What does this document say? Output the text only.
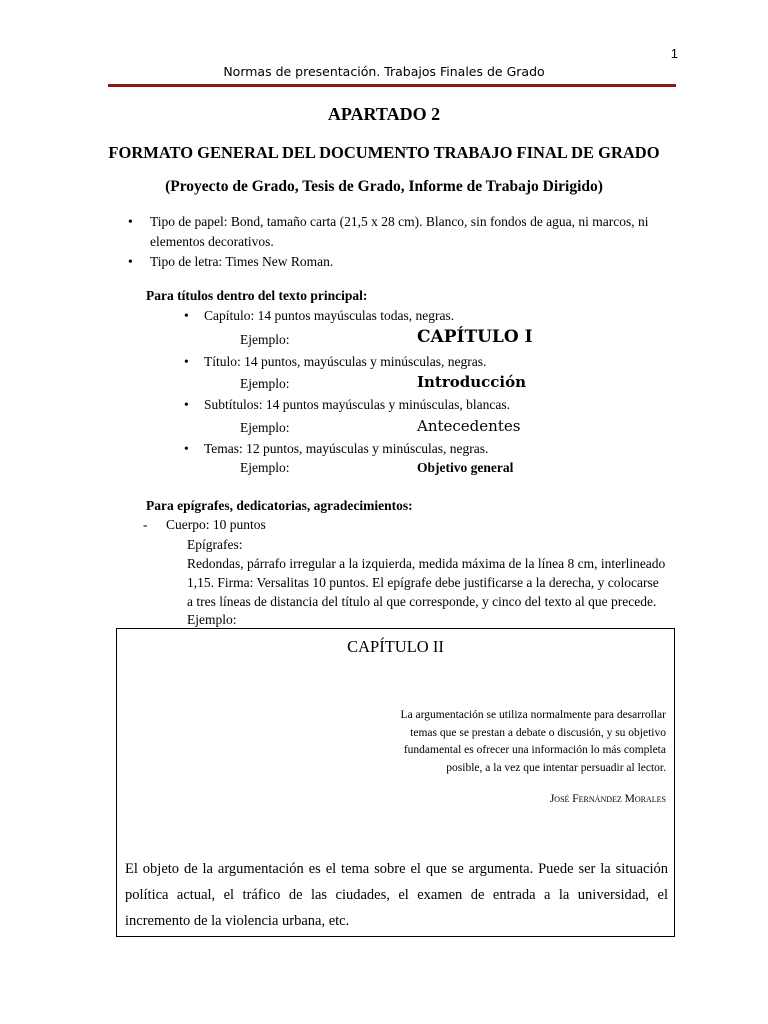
1
Normas de presentación. Trabajos Finales de Grado
APARTADO 2
FORMATO GENERAL DEL DOCUMENTO TRABAJO FINAL DE GRADO
(Proyecto de Grado, Tesis de Grado, Informe de Trabajo Dirigido)
• Tipo de papel: Bond, tamaño carta (21,5 x 28 cm). Blanco, sin fondos de agua, ni marcos, ni elementos decorativos.
• Tipo de letra: Times New Roman.
Para títulos dentro del texto principal:
• Capítulo: 14 puntos mayúsculas todas, negras.
Ejemplo:	CAPÍTULO I
• Título: 14 puntos, mayúsculas y minúsculas, negras.
Ejemplo:	Introducción
• Subtítulos: 14 puntos mayúsculas y minúsculas, blancas.
Ejemplo:	Antecedentes
• Temas: 12 puntos, mayúsculas y minúsculas, negras.
Ejemplo:	Objetivo general
Para epígrafes, dedicatorias, agradecimientos:
- Cuerpo: 10 puntos
Epígrafes:
Redondas, párrafo irregular a la izquierda, medida máxima de la línea 8 cm, interlineado
1,15. Firma: Versalitas 10 puntos. El epígrafe debe justificarse a la derecha, y colocarse
a tres líneas de distancia del título al que corresponde, y cinco del texto al que precede.
Ejemplo:
CAPÍTULO II
La argumentación se utiliza normalmente para desarrollar
temas que se prestan a debate o discusión, y su objetivo
fundamental es ofrecer una información lo más completa
posible, a la vez que intentar persuadir al lector.
José Fernández Morales
El objeto de la argumentación es el tema sobre el que se argumenta. Puede ser la situación política actual, el tráfico de las ciudades, el examen de entrada a la universidad, el incremento de la violencia urbana, etc.
